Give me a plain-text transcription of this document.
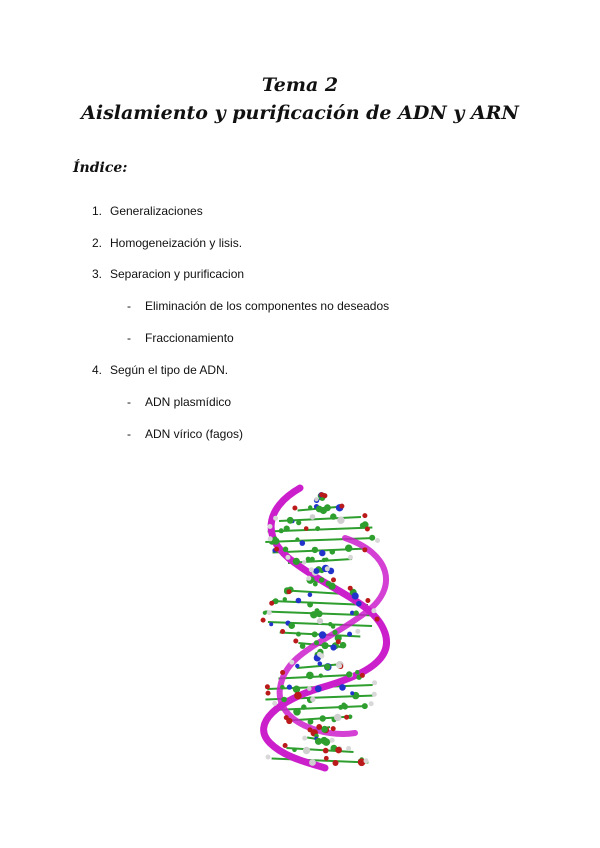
Tema 2
Aislamiento y purificación de ADN y ARN
Índice:
1. Generalizaciones
2. Homogeneización y lisis.
3. Separacion y purificacion
- Eliminación de los componentes no deseados
- Fraccionamiento
4. Según el tipo de ADN.
- ADN plasmídico
- ADN vírico (fagos)
